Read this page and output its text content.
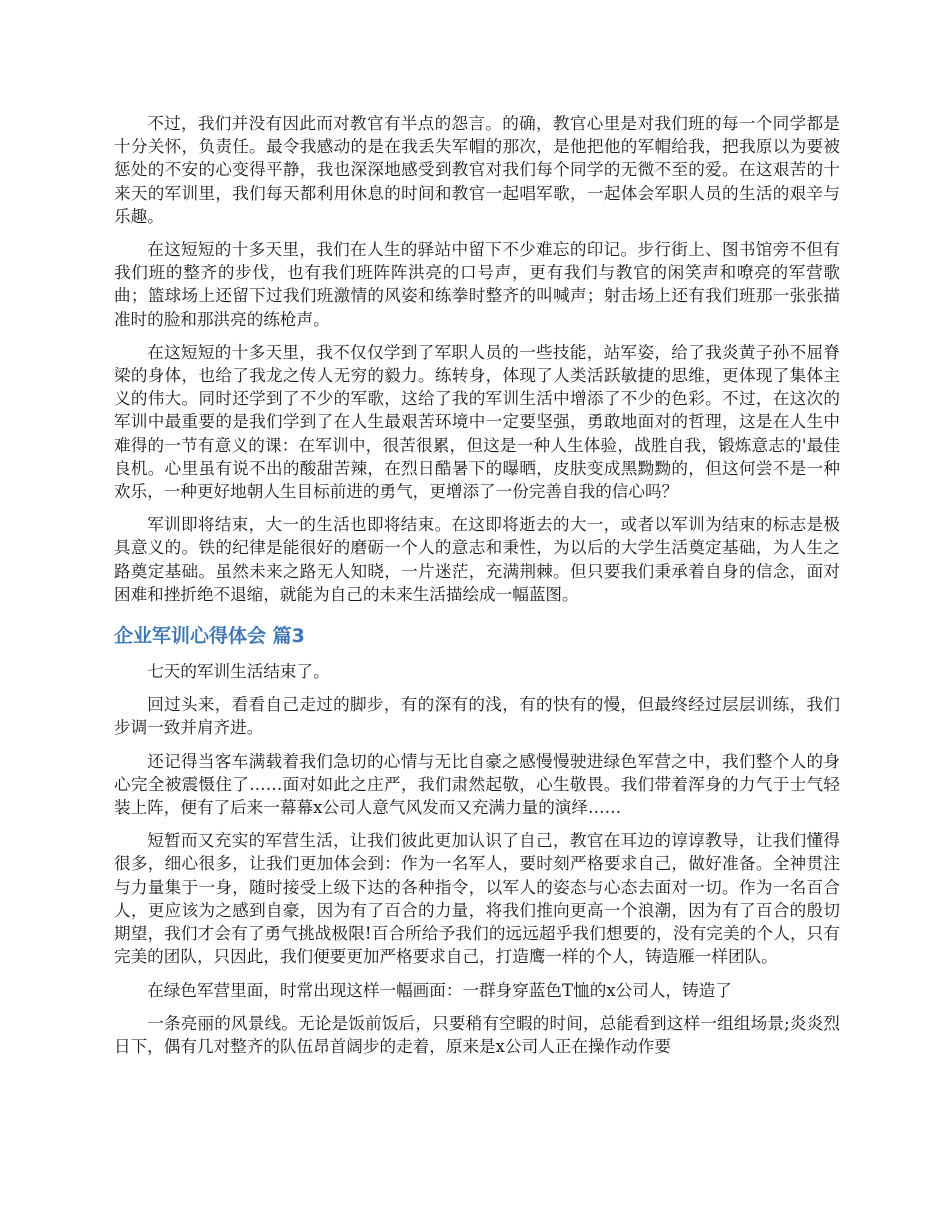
不过，我们并没有因此而对教官有半点的怨言。的确，教官心里是对我们班的每一个同学都是十分关怀，负责任。最令我感动的是在我丢失军帽的那次，是他把他的军帽给我，把我原以为要被惩处的不安的心变得平静，我也深深地感受到教官对我们每个同学的无微不至的爱。在这艰苦的十来天的军训里，我们每天都利用休息的时间和教官一起唱军歌，一起体会军职人员的生活的艰辛与乐趣。

在这短短的十多天里，我们在人生的驿站中留下不少难忘的印记。步行街上、图书馆旁不但有我们班的整齐的步伐，也有我们班阵阵洪亮的口号声，更有我们与教官的闲笑声和嘹亮的军营歌曲；篮球场上还留下过我们班激情的风姿和练拳时整齐的叫喊声；射击场上还有我们班那一张张描准时的脸和那洪亮的练枪声。

在这短短的十多天里，我不仅仅学到了军职人员的一些技能，站军姿，给了我炎黄子孙不屈脊梁的身体，也给了我龙之传人无穷的毅力。练转身，体现了人类活跃敏捷的思维，更体现了集体主义的伟大。同时还学到了不少的军歌，这给了我的军训生活中增添了不少的色彩。不过，在这次的军训中最重要的是我们学到了在人生最艰苦环境中一定要坚强，勇敢地面对的哲理，这是在人生中难得的一节有意义的课：在军训中，很苦很累，但这是一种人生体验，战胜自我，锻炼意志的'最佳良机。心里虽有说不出的酸甜苦辣，在烈日酷暑下的曝晒，皮肤变成黑黝黝的，但这何尝不是一种欢乐，一种更好地朝人生目标前进的勇气，更增添了一份完善自我的信心吗？

军训即将结束，大一的生活也即将结束。在这即将逝去的大一，或者以军训为结束的标志是极具意义的。铁的纪律是能很好的磨砺一个人的意志和秉性，为以后的大学生活奠定基础，为人生之路奠定基础。虽然未来之路无人知晓，一片迷茫，充满荆棘。但只要我们秉承着自身的信念，面对困难和挫折绝不退缩，就能为自己的未来生活描绘成一幅蓝图。

企业军训心得体会 篇3

七天的军训生活结束了。

回过头来，看看自己走过的脚步，有的深有的浅，有的快有的慢，但最终经过层层训练，我们步调一致并肩齐进。

还记得当客车满载着我们急切的心情与无比自豪之感慢慢驶进绿色军营之中，我们整个人的身心完全被震慑住了……面对如此之庄严，我们肃然起敬，心生敬畏。我们带着浑身的力气于士气轻装上阵，便有了后来一幕幕x公司人意气风发而又充满力量的演绎……

短暂而又充实的军营生活，让我们彼此更加认识了自己，教官在耳边的谆谆教导，让我们懂得很多，细心很多，让我们更加体会到：作为一名军人，要时刻严格要求自己，做好准备。全神贯注与力量集于一身，随时接受上级下达的各种指令，以军人的姿态与心态去面对一切。作为一名百合人，更应该为之感到自豪，因为有了百合的力量，将我们推向更高一个浪潮，因为有了百合的殷切期望，我们才会有了勇气挑战极限!百合所给予我们的远远超乎我们想要的，没有完美的个人，只有完美的团队，只因此，我们便要更加严格要求自己，打造鹰一样的个人，铸造雁一样团队。

在绿色军营里面，时常出现这样一幅画面：一群身穿蓝色T恤的x公司人，铸造了

一条亮丽的风景线。无论是饭前饭后，只要稍有空暇的时间，总能看到这样一组组场景;炎炎烈日下，偶有几对整齐的队伍昂首阔步的走着，原来是x公司人正在操作动作要
